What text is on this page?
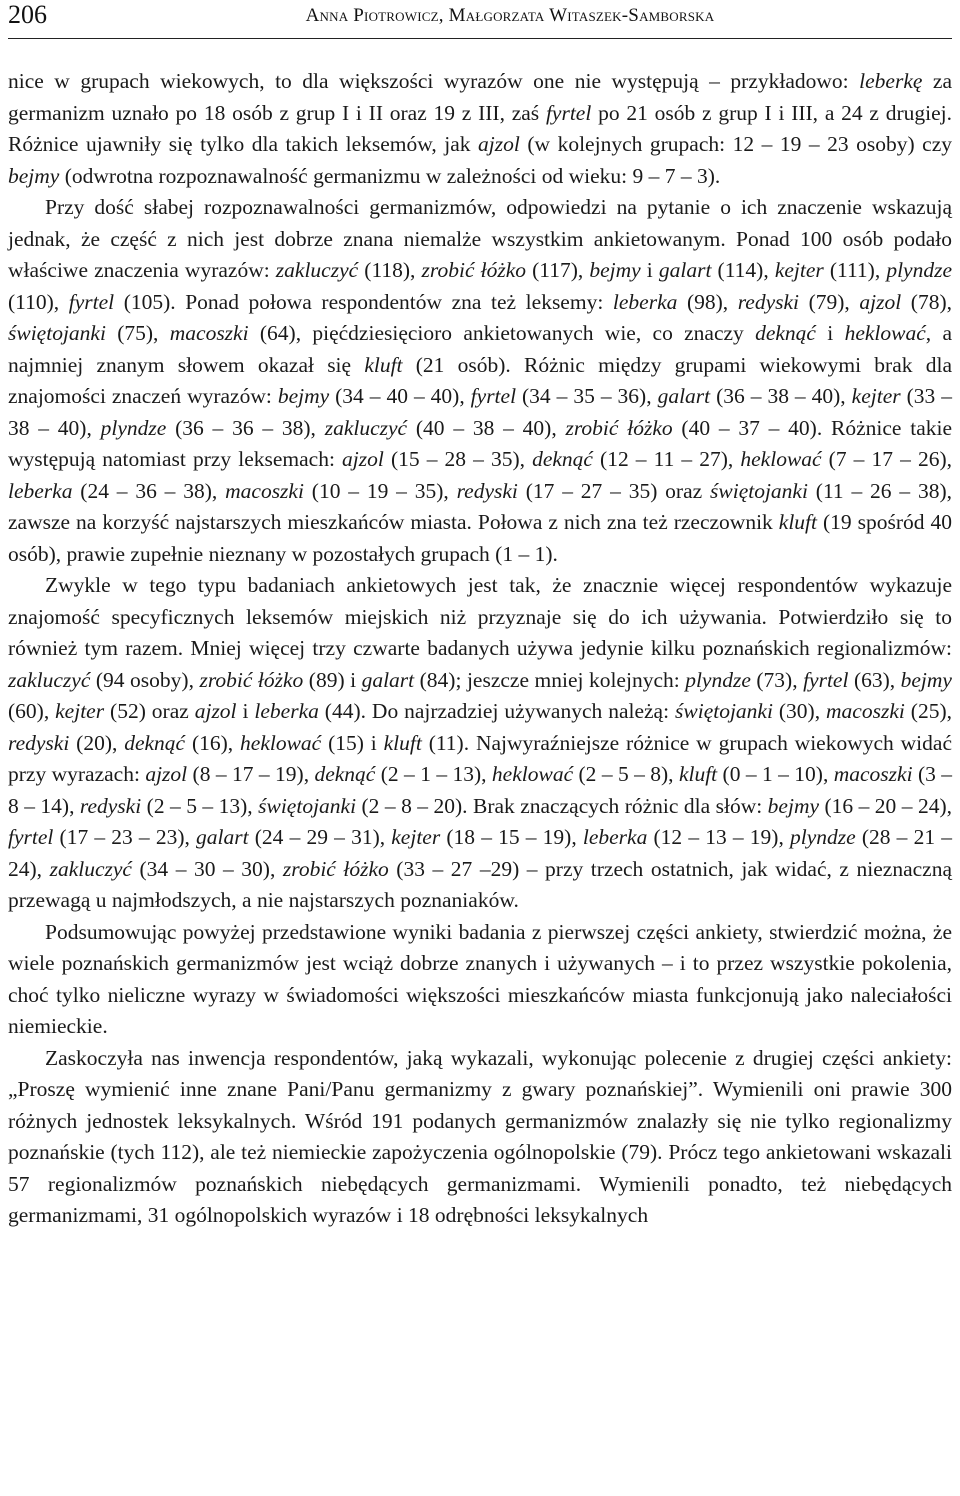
206	Anna Piotrowicz, Małgorzata Witaszek-Samborska

nice w grupach wiekowych, to dla większości wyrazów one nie występują – przykładowo: leberkę za germanizm uznało po 18 osób z grup I i II oraz 19 z III, zaś fyrtel po 21 osób z grup I i III, a 24 z drugiej. Różnice ujawniły się tylko dla takich leksemów, jak ajzol (w kolejnych grupach: 12 – 19 – 23 osoby) czy bejmy (odwrotna rozpoznawalność germanizmu w zależności od wieku: 9 – 7 – 3).

Przy dość słabej rozpoznawalności germanizmów, odpowiedzi na pytanie o ich znaczenie wskazują jednak, że część z nich jest dobrze znana niemalże wszystkim ankietowanym. Ponad 100 osób podało właściwe znaczenia wyrazów: zakluczyć (118), zrobić łóżko (117), bejmy i galart (114), kejter (111), plyndze (110), fyrtel (105). Ponad połowa respondentów zna też leksemy: leberka (98), redyski (79), ajzol (78), świętojanki (75), macoszki (64), pięćdziesięcioro ankietowanych wie, co znaczy deknąć i heklować, a najmniej znanym słowem okazał się kluft (21 osób). Różnic między grupami wiekowymi brak dla znajomości znaczeń wyrazów: bejmy (34 – 40 – 40), fyrtel (34 – 35 – 36), galart (36 – 38 – 40), kejter (33 – 38 – 40), plyndze (36 – 36 – 38), zakluczyć (40 – 38 – 40), zrobić łóżko (40 – 37 – 40). Różnice takie występują natomiast przy leksemach: ajzol (15 – 28 – 35), deknąć (12 – 11 – 27), heklować (7 – 17 – 26), leberka (24 – 36 – 38), macoszki (10 – 19 – 35), redyski (17 – 27 – 35) oraz świętojanki (11 – 26 – 38), zawsze na korzyść najstarszych mieszkańców miasta. Połowa z nich zna też rzeczownik kluft (19 spośród 40 osób), prawie zupełnie nieznany w pozostałych grupach (1 – 1).

Zwykle w tego typu badaniach ankietowych jest tak, że znacznie więcej respondentów wykazuje znajomość specyficznych leksemów miejskich niż przyznaje się do ich używania. Potwierdziło się to również tym razem. Mniej więcej trzy czwarte badanych używa jedynie kilku poznańskich regionalizmów: zakluczyć (94 osoby), zrobić łóżko (89) i galart (84); jeszcze mniej kolejnych: plyndze (73), fyrtel (63), bejmy (60), kejter (52) oraz ajzol i leberka (44). Do najrzadziej używanych należą: świętojanki (30), macoszki (25), redyski (20), deknąć (16), heklować (15) i kluft (11). Najwyraźniejsze różnice w grupach wiekowych widać przy wyrazach: ajzol (8 – 17 – 19), deknąć (2 – 1 – 13), heklować (2 – 5 – 8), kluft (0 – 1 – 10), macoszki (3 – 8 – 14), redyski (2 – 5 – 13), świętojanki (2 – 8 – 20). Brak znaczących różnic dla słów: bejmy (16 – 20 – 24), fyrtel (17 – 23 – 23), galart (24 – 29 – 31), kejter (18 – 15 – 19), leberka (12 – 13 – 19), plyndze (28 – 21 – 24), zakluczyć (34 – 30 – 30), zrobić łóżko (33 – 27 –29) – przy trzech ostatnich, jak widać, z nieznaczną przewagą u najmłodszych, a nie najstarszych poznaniaków.

Podsumowując powyżej przedstawione wyniki badania z pierwszej części ankiety, stwierdzić można, że wiele poznańskich germanizmów jest wciąż dobrze znanych i używanych – i to przez wszystkie pokolenia, choć tylko nieliczne wyrazy w świadomości większości mieszkańców miasta funkcjonują jako naleciałości niemieckie.

Zaskoczyła nas inwencja respondentów, jaką wykazali, wykonując polecenie z drugiej części ankiety: „Proszę wymienić inne znane Pani/Panu germanizmy z gwary poznańskiej”. Wymienili oni prawie 300 różnych jednostek leksykalnych. Wśród 191 podanych germanizmów znalazły się nie tylko regionalizmy poznańskie (tych 112), ale też niemieckie zapożyczenia ogólnopolskie (79). Prócz tego ankietowani wskazali 57 regionalizmów poznańskich niebędących germanizmami. Wymienili ponadto, też niebędących germanizmami, 31 ogólnopolskich wyrazów i 18 odrębności leksykalnych
